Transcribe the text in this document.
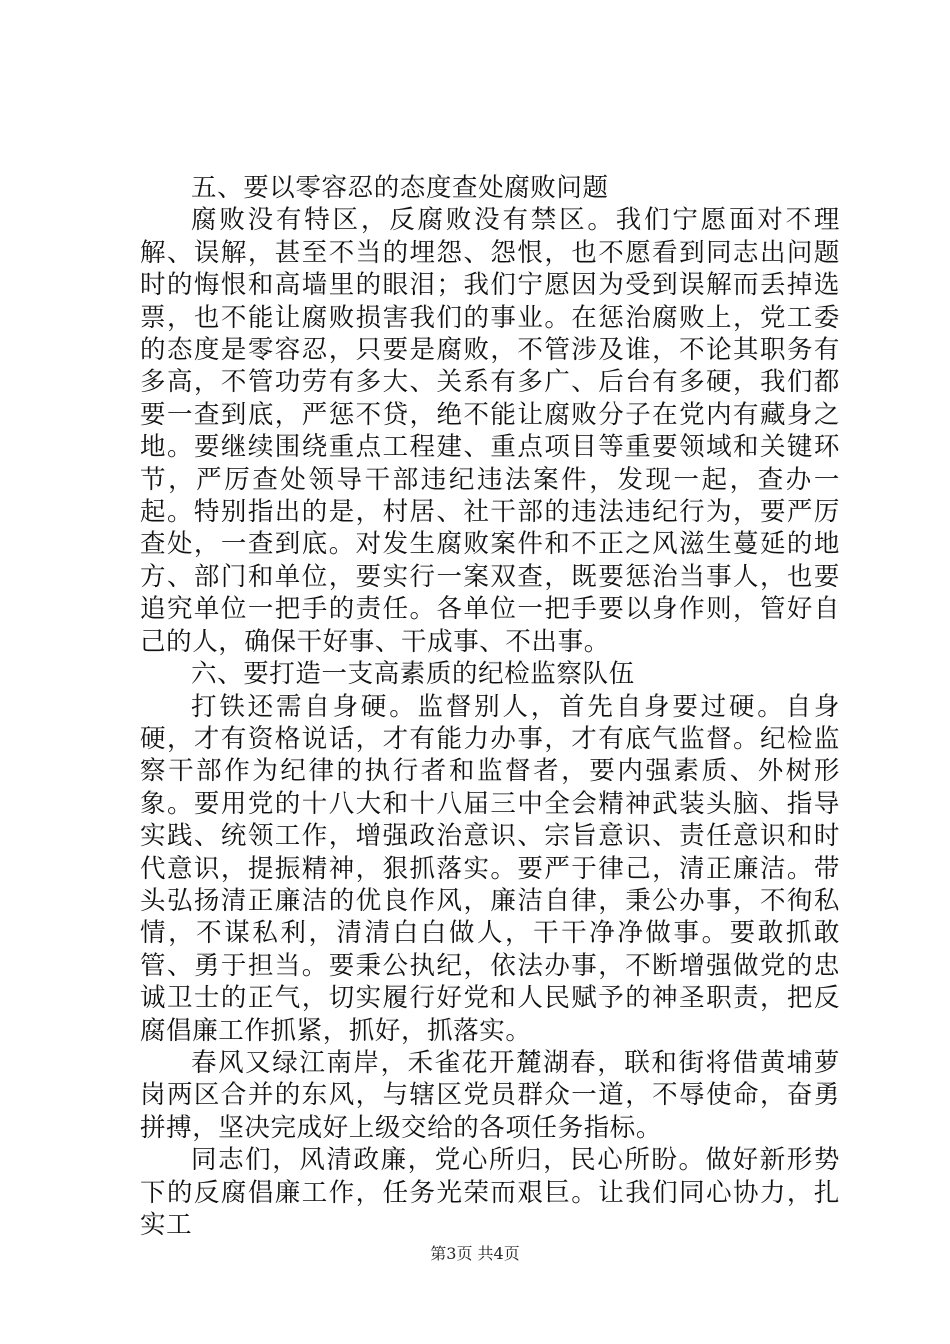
五、要以零容忍的态度查处腐败问题

腐败没有特区，反腐败没有禁区。我们宁愿面对不理解、误解，甚至不当的埋怨、怨恨，也不愿看到同志出问题时的悔恨和高墙里的眼泪；我们宁愿因为受到误解而丢掉选票，也不能让腐败损害我们的事业。在惩治腐败上，党工委的态度是零容忍，只要是腐败，不管涉及谁，不论其职务有多高，不管功劳有多大、关系有多广、后台有多硬，我们都要一查到底，严惩不贷，绝不能让腐败分子在党内有藏身之地。要继续围绕重点工程建、重点项目等重要领域和关键环节，严厉查处领导干部违纪违法案件，发现一起，查办一起。特别指出的是，村居、社干部的违法违纪行为，要严厉查处，一查到底。对发生腐败案件和不正之风滋生蔓延的地方、部门和单位，要实行一案双查，既要惩治当事人，也要追究单位一把手的责任。各单位一把手要以身作则，管好自己的人，确保干好事、干成事、不出事。

六、要打造一支高素质的纪检监察队伍

打铁还需自身硬。监督别人，首先自身要过硬。自身硬，才有资格说话，才有能力办事，才有底气监督。纪检监察干部作为纪律的执行者和监督者，要内强素质、外树形象。要用党的十八大和十八届三中全会精神武装头脑、指导实践、统领工作，增强政治意识、宗旨意识、责任意识和时代意识，提振精神，狠抓落实。要严于律己，清正廉洁。带头弘扬清正廉洁的优良作风，廉洁自律，秉公办事，不徇私情，不谋私利，清清白白做人，干干净净做事。要敢抓敢管、勇于担当。要秉公执纪，依法办事，不断增强做党的忠诚卫士的正气，切实履行好党和人民赋予的神圣职责，把反腐倡廉工作抓紧，抓好，抓落实。

春风又绿江南岸，禾雀花开麓湖春，联和街将借黄埔萝岗两区合并的东风，与辖区党员群众一道，不辱使命，奋勇拼搏，坚决完成好上级交给的各项任务指标。

同志们，风清政廉，党心所归，民心所盼。做好新形势下的反腐倡廉工作，任务光荣而艰巨。让我们同心协力，扎实工

第3页 共4页
